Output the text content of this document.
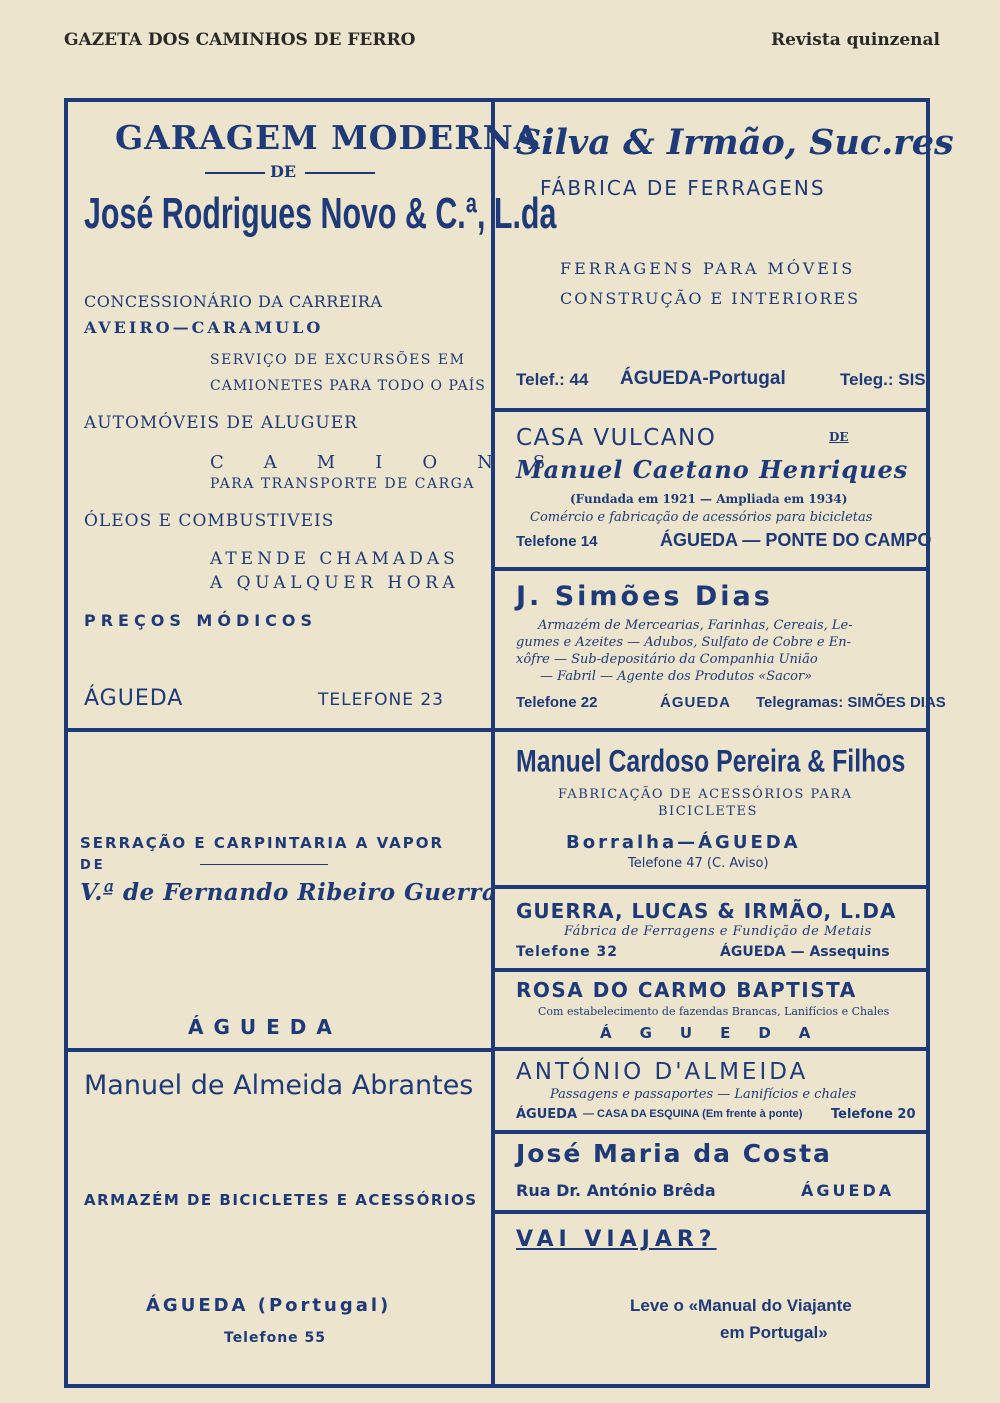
GAZETA DOS CAMINHOS DE FERRO	Revista quinzenal
GARAGEM MODERNA
DE
José Rodrigues Novo & C.ª, L.da
CONCESSIONÁRIO DA CARREIRA
AVEIRO—CARAMULO
SERVIÇO DE EXCURSÕES EM
CAMIONETES PARA TODO O PAÍS
AUTOMÓVEIS DE ALUGUER
CAMIONS
PARA TRANSPORTE DE CARGA
ÓLEOS E COMBUSTIVEIS
ATENDE CHAMADAS
A QUALQUER HORA
PREÇOS MÓDICOS
ÁGUEDA	TELEFONE 23
Silva & Irmão, Suc.res
FÁBRICA DE FERRAGENS
FERRAGENS PARA MÓVEIS
CONSTRUÇÃO E INTERIORES
Telef.: 44 ÁGUEDA-Portugal	Teleg.: SIS
CASA VULCANO	DE
Manuel Caetano Henriques
(Fundada em 1921 — Ampliada em 1934)
Comércio e fabricação de acessórios para bicicletas
Telefone 14	ÁGUEDA — PONTE DO CAMPO
J. Simões Dias
Armazém de Mercearias, Farinhas, Cereais, Le-
gumes e Azeites — Adubos, Sulfato de Cobre e En-
xôfre — Sub-depositário da Companhia União
— Fabril — Agente dos Produtos «Sacor»
Telefone 22	ÁGUEDA Telegramas: SIMÕES DIAS
Manuel Cardoso Pereira & Filhos
FABRICAÇÃO DE ACESSÓRIOS PARA
BICICLETES
Borralha—ÁGUEDA
Telefone 47 (C. Aviso)
SERRAÇÃO E CARPINTARIA A VAPOR
DE
V.ª de Fernando Ribeiro Guerra
ÁGUEDA
GUERRA, LUCAS & IRMÃO, L.DA
Fábrica de Ferragens e Fundição de Metais
Telefone 32	ÁGUEDA — Assequins
ROSA DO CARMO BAPTISTA
Com estabelecimento de fazendas Brancas, Lanifícios e Chales
ÁGUEDA
Manuel de Almeida Abrantes
ARMAZÉM DE BICICLETES E ACESSÓRIOS
ÁGUEDA (Portugal)
Telefone 55
ANTÓNIO D'ALMEIDA
Passagens e passaportes — Lanifícios e chales
ÁGUEDA — CASA DA ESQUINA (Em frente à ponte) Telefone 20
José Maria da Costa
Rua Dr. António Brêda	ÁGUEDA
VAI VIAJAR?
Leve o «Manual do Viajante
em Portugal»
